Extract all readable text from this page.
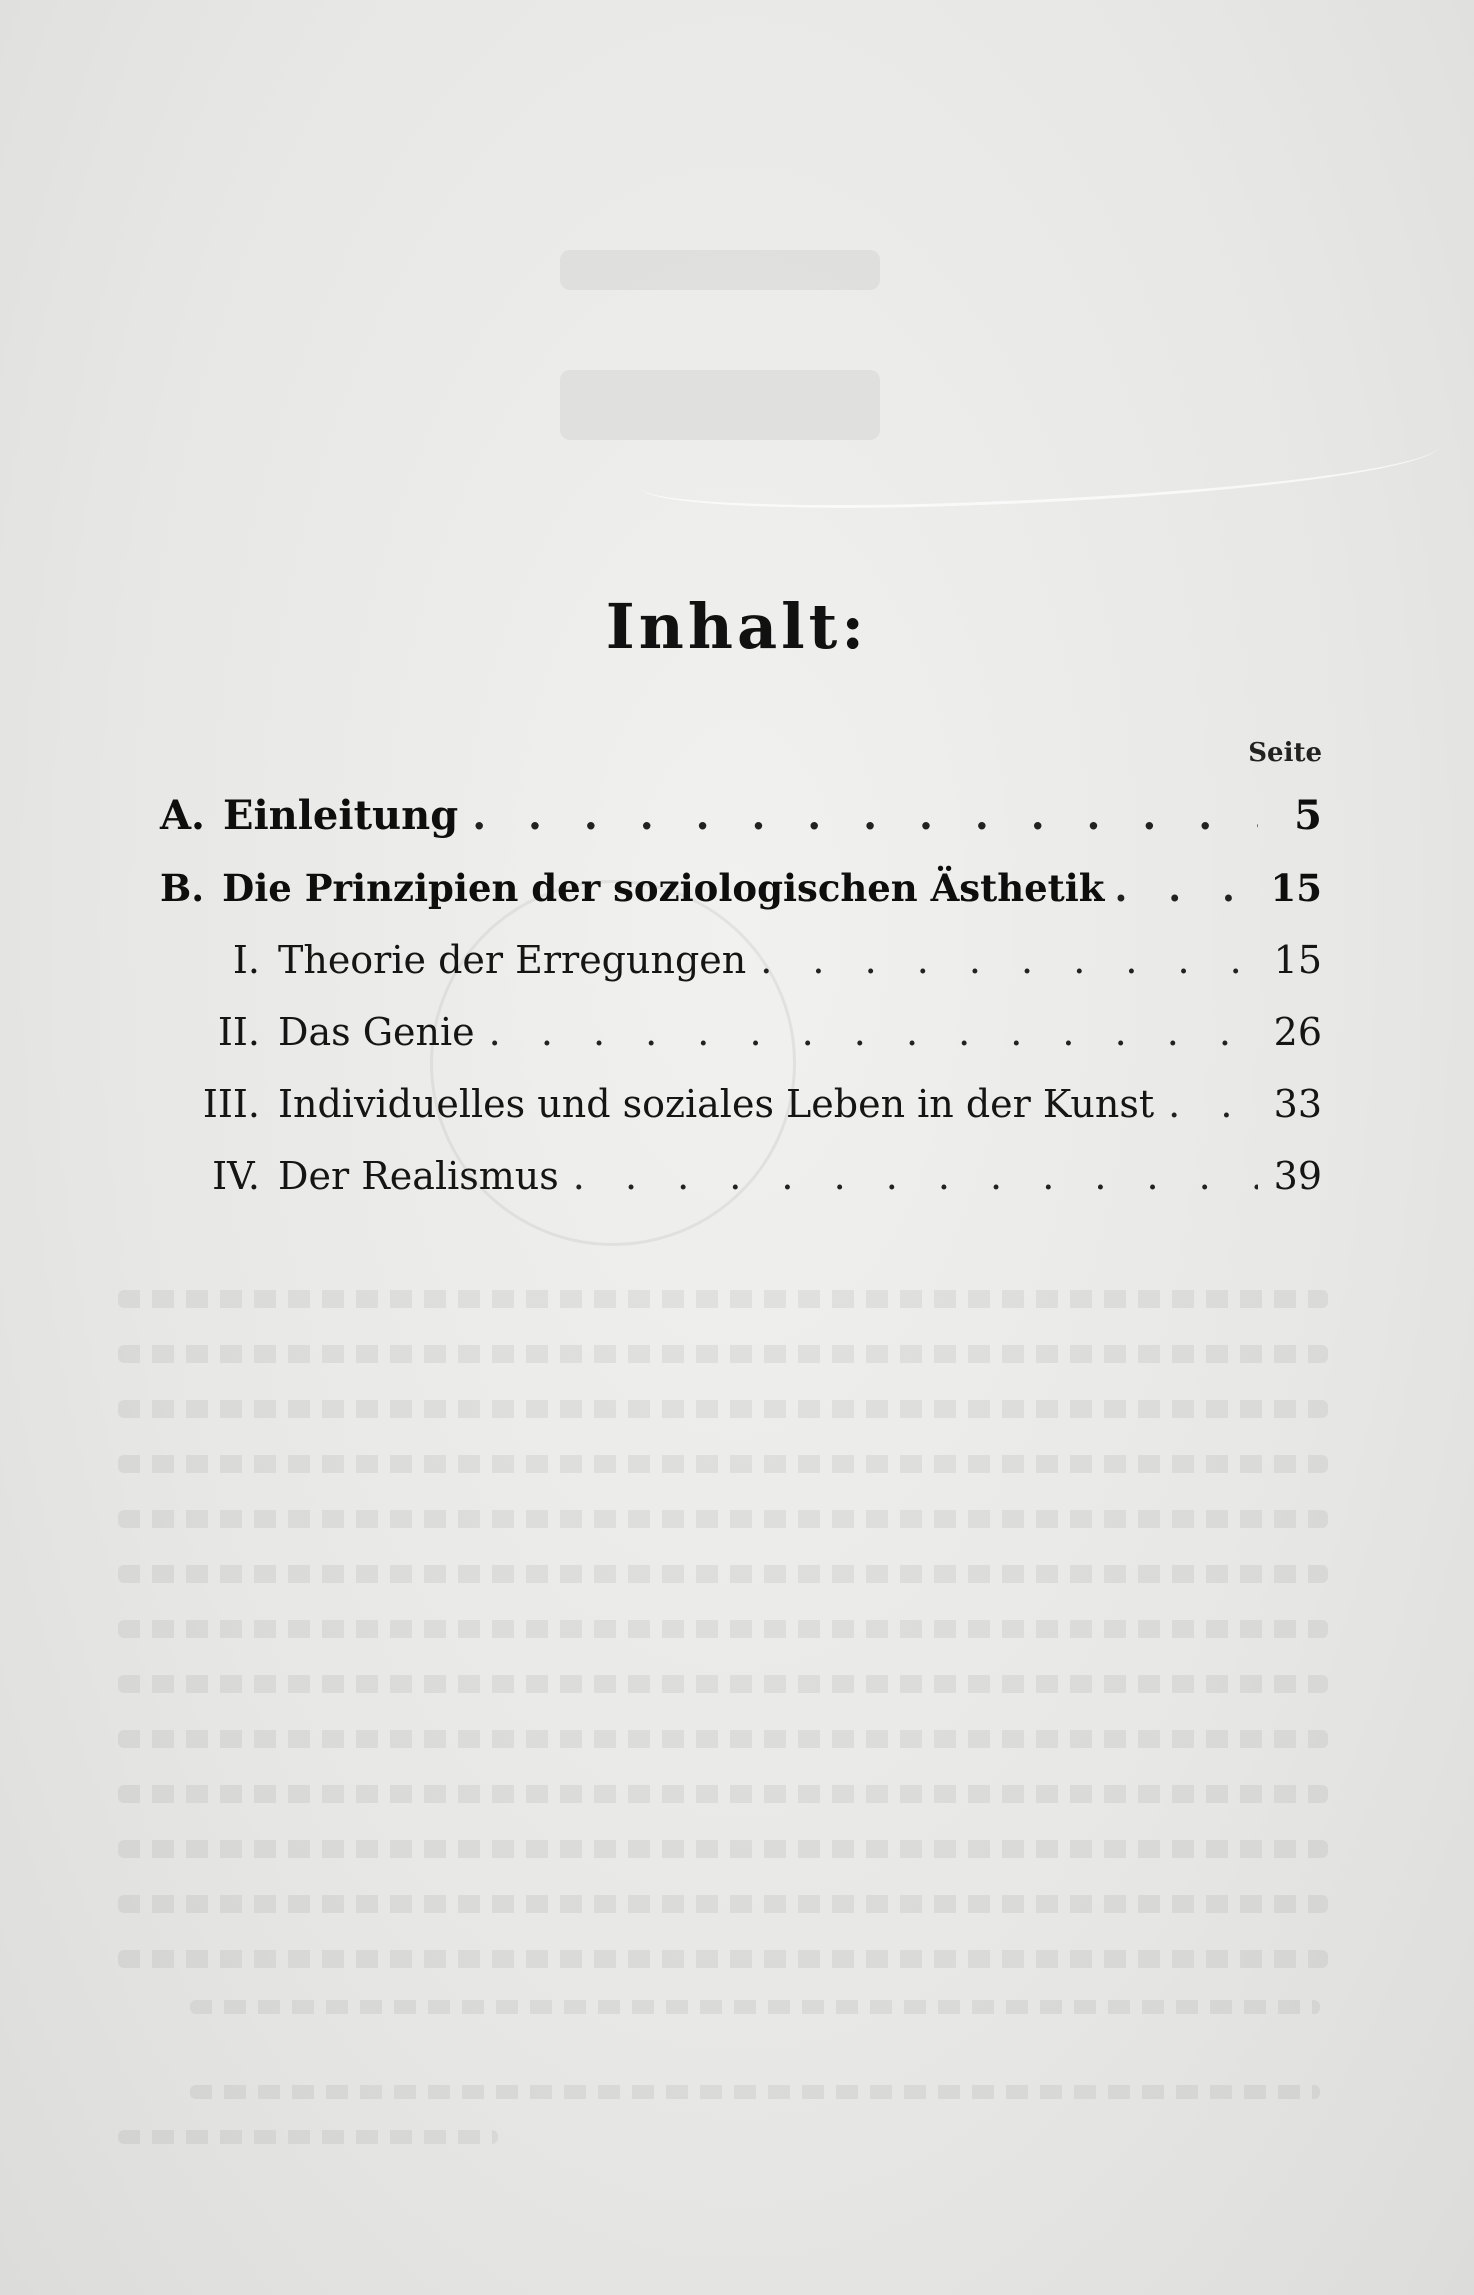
Inhalt:
Seite
A. Einleitung . . .	5
B. Die Prinzipien der soziologischen Ästhetik . . .	15
I. Theorie der Erregungen . . .	15
II. Das Genie . . .	26
III. Individuelles und soziales Leben in der Kunst . . .	33
IV. Der Realismus . . .	39
